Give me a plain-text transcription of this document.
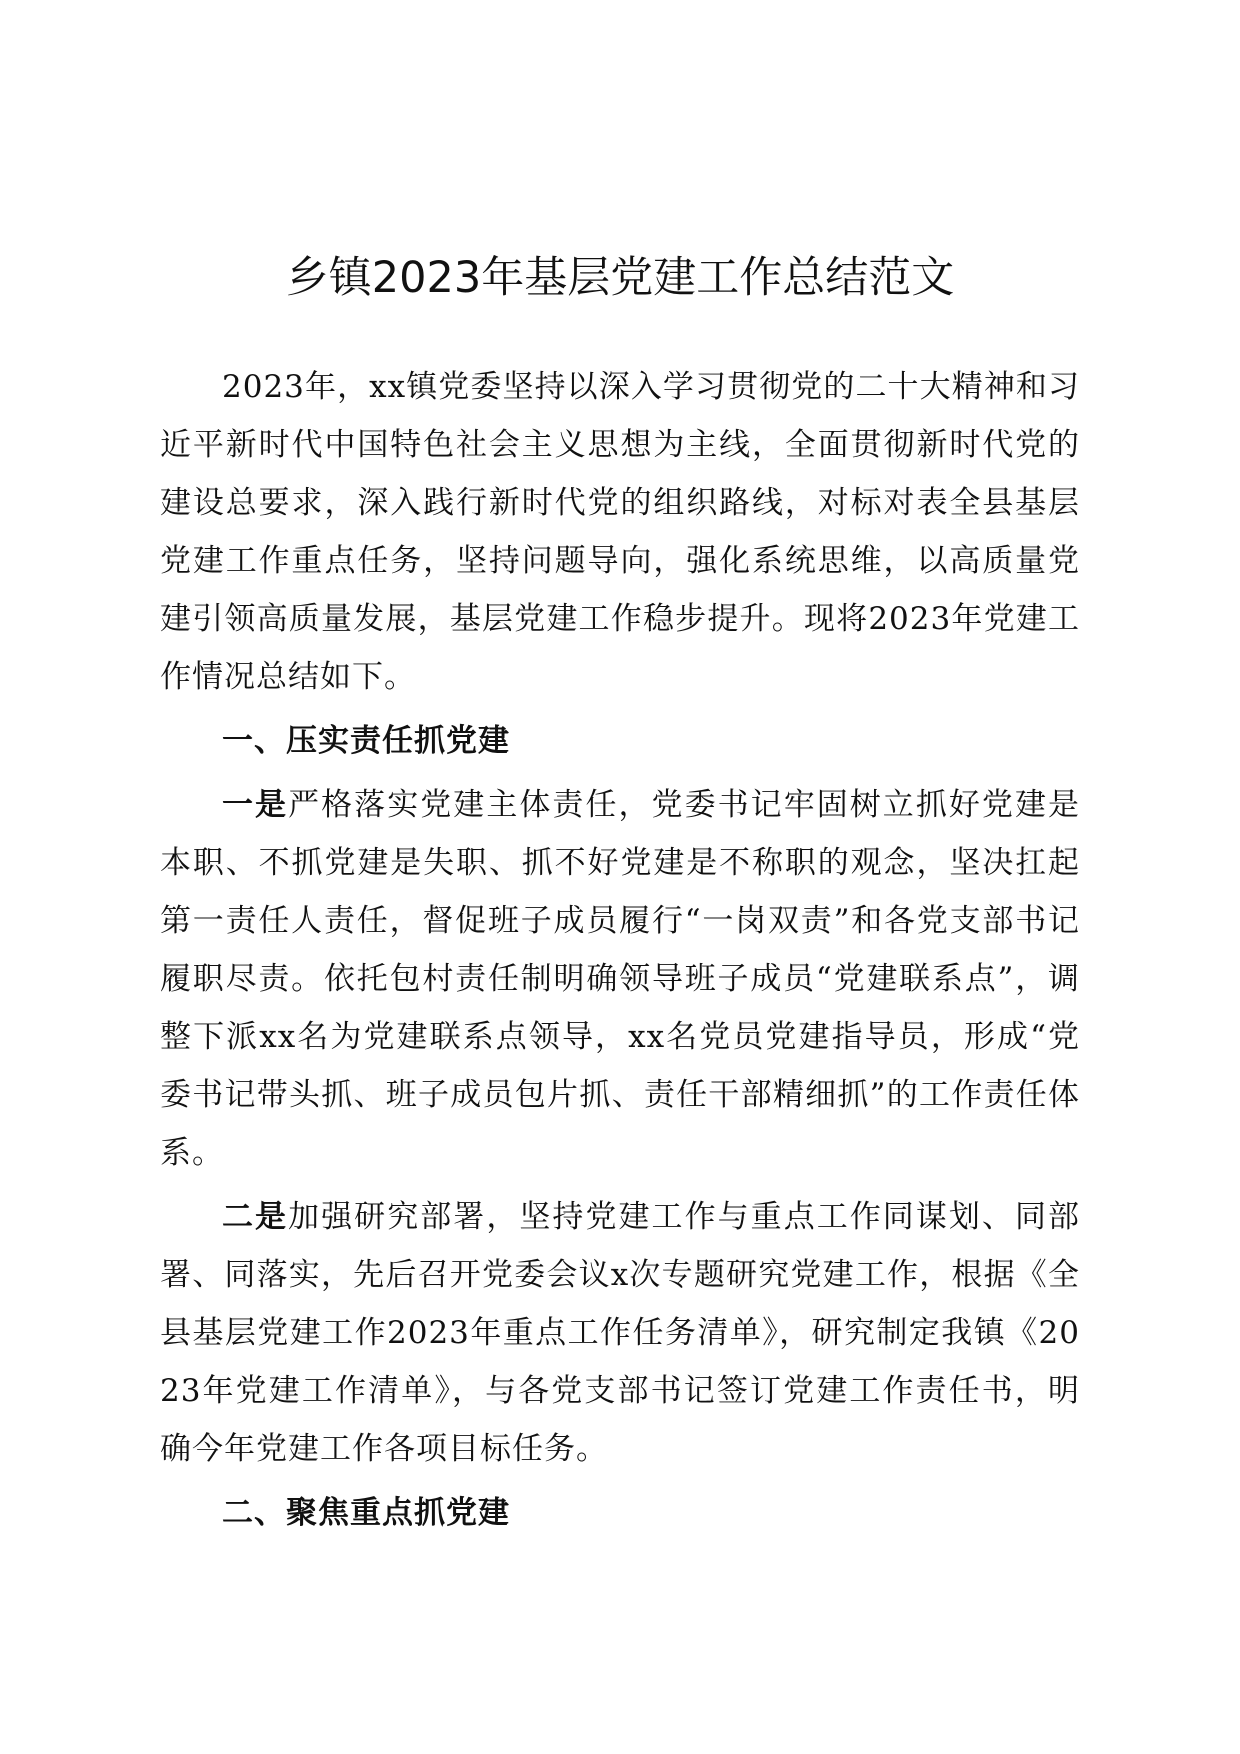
乡镇2023年基层党建工作总结范文

2023年，xx镇党委坚持以深入学习贯彻党的二十大精神和习近平新时代中国特色社会主义思想为主线，全面贯彻新时代党的建设总要求，深入践行新时代党的组织路线，对标对表全县基层党建工作重点任务，坚持问题导向，强化系统思维，以高质量党建引领高质量发展，基层党建工作稳步提升。现将2023年党建工作情况总结如下。

一、压实责任抓党建

一是严格落实党建主体责任，党委书记牢固树立抓好党建是本职、不抓党建是失职、抓不好党建是不称职的观念，坚决扛起第一责任人责任，督促班子成员履行“一岗双责”和各党支部书记履职尽责。依托包村责任制明确领导班子成员“党建联系点”，调整下派xx名为党建联系点领导，xx名党员党建指导员，形成“党委书记带头抓、班子成员包片抓、责任干部精细抓”的工作责任体系。

二是加强研究部署，坚持党建工作与重点工作同谋划、同部署、同落实，先后召开党委会议x次专题研究党建工作，根据《全县基层党建工作2023年重点工作任务清单》，研究制定我镇《2023年党建工作清单》，与各党支部书记签订党建工作责任书，明确今年党建工作各项目标任务。

二、聚焦重点抓党建
